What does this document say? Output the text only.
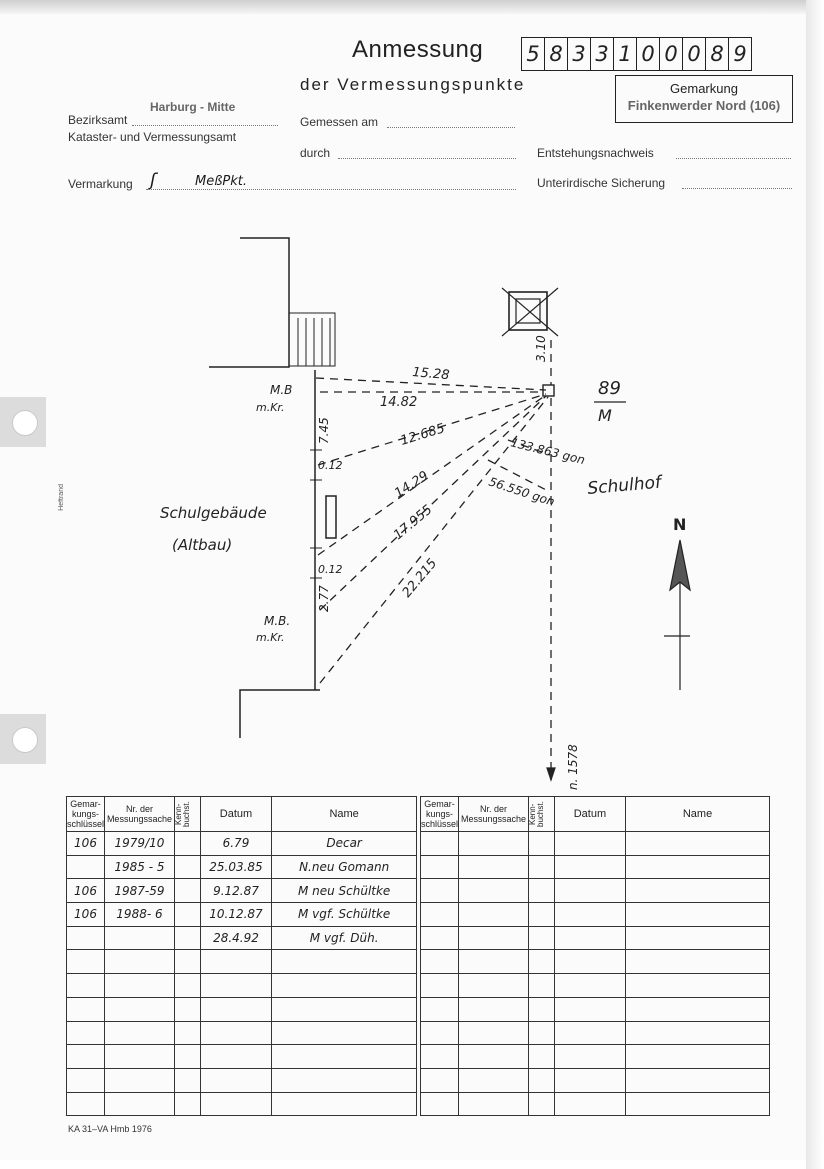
Anmessung
der Vermessungspunkte
5 8 3 3 1 0 0 0 8 9
Gemarkung
Finkenwerder Nord (106)
Bezirksamt
Harburg - Mitte
Kataster- und Vermessungsamt
Gemessen am
durch	Entstehungsnachweis
Vermarkung ʃ	MeßPkt.	Unterirdische Sicherung
15.28
14.82
12.685
14.29
17.955
22.215
3.10
7.45
0.12
0.12
2.77
M.B
m.Kr.
M.B.
m.Kr.
Schulgebäude
(Altbau)
Schulhof
89
M
133.863 gon
56.550 gon
n. 1578
N
Heftrand
Gemar-kungs-schlüssel	Nr. der Messungssache	Kenn-buchst.	Datum	Name
106	1979/10		6.79	Decar
	1985 - 5		25.03.85	N.neu Gomann
106	1987-59		9.12.87	M neu Schültke
106	1988- 6		10.12.87	M vgf. Schültke
			28.4.92	M vgf. Düh.

Gemar-kungs-schlüssel	Nr. der Messungssache	Kenn-buchst.	Datum	Name

KA 31–VA Hmb 1976
